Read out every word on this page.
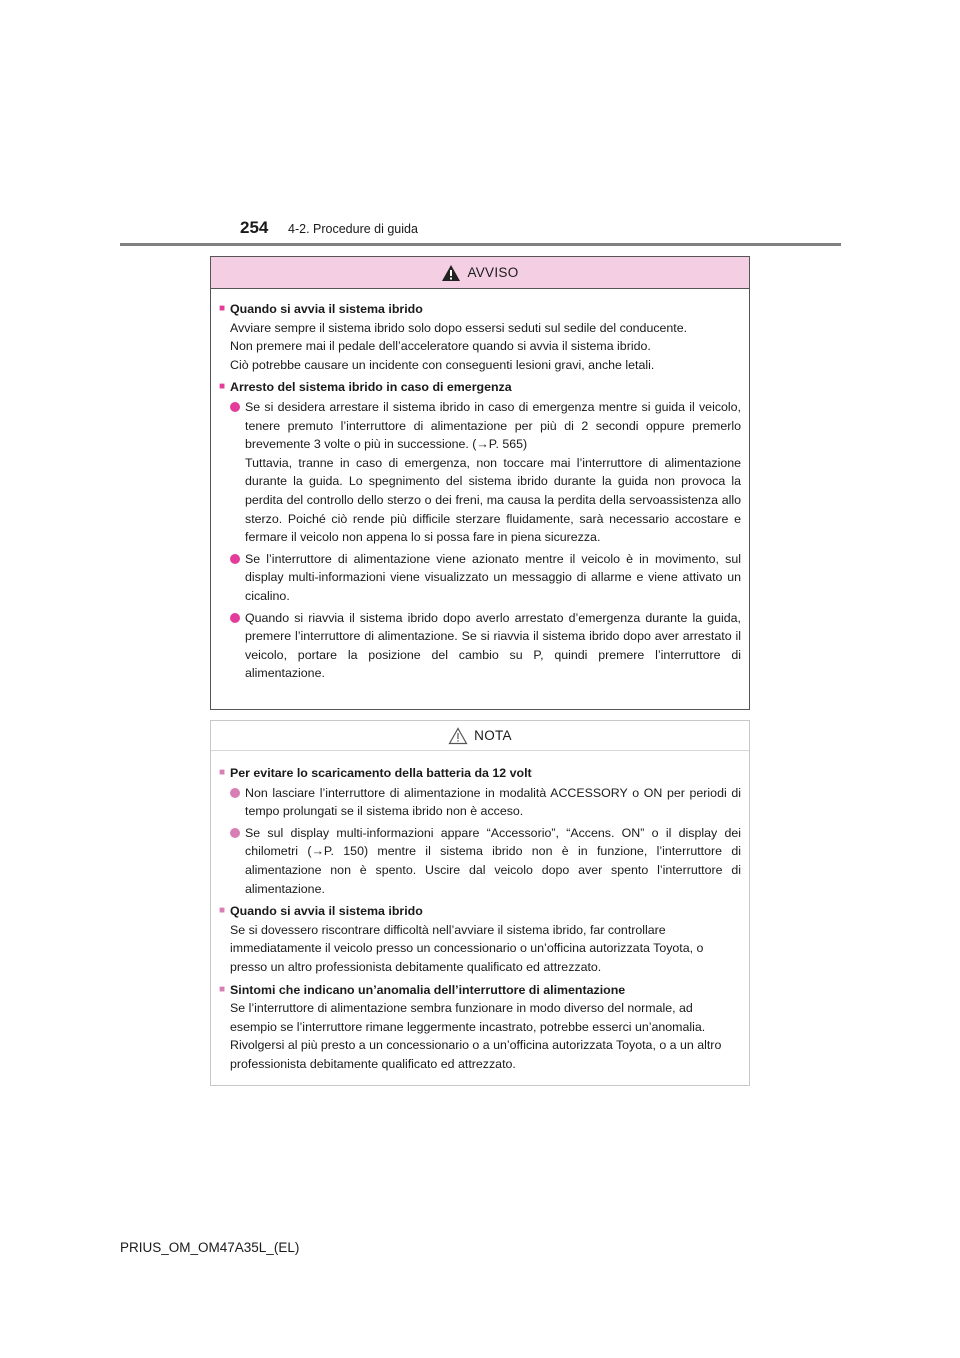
254 4-2. Procedure di guida
AVVISO
■ Quando si avvia il sistema ibrido
Avviare sempre il sistema ibrido solo dopo essersi seduti sul sedile del conducente.
Non premere mai il pedale dell’acceleratore quando si avvia il sistema ibrido.
Ciò potrebbe causare un incidente con conseguenti lesioni gravi, anche letali.
■ Arresto del sistema ibrido in caso di emergenza
Se si desidera arrestare il sistema ibrido in caso di emergenza mentre si guida il veicolo, tenere premuto l’interruttore di alimentazione per più di 2 secondi oppure premerlo brevemente 3 volte o più in successione. (→P. 565)
Tuttavia, tranne in caso di emergenza, non toccare mai l’interruttore di alimentazione durante la guida. Lo spegnimento del sistema ibrido durante la guida non provoca la perdita del controllo dello sterzo o dei freni, ma causa la perdita della servoassistenza allo sterzo. Poiché ciò rende più difficile sterzare fluidamente, sarà necessario accostare e fermare il veicolo non appena lo si possa fare in piena sicurezza.
Se l’interruttore di alimentazione viene azionato mentre il veicolo è in movimento, sul display multi-informazioni viene visualizzato un messaggio di allarme e viene attivato un cicalino.
Quando si riavvia il sistema ibrido dopo averlo arrestato d’emergenza durante la guida, premere l’interruttore di alimentazione. Se si riavvia il sistema ibrido dopo aver arrestato il veicolo, portare la posizione del cambio su P, quindi premere l’interruttore di alimentazione.
NOTA
■ Per evitare lo scaricamento della batteria da 12 volt
Non lasciare l’interruttore di alimentazione in modalità ACCESSORY o ON per periodi di tempo prolungati se il sistema ibrido non è acceso.
Se sul display multi-informazioni appare “Accessorio”, “Accens. ON” o il display dei chilometri (→P. 150) mentre il sistema ibrido non è in funzione, l’interruttore di alimentazione non è spento. Uscire dal veicolo dopo aver spento l’interruttore di alimentazione.
■ Quando si avvia il sistema ibrido
Se si dovessero riscontrare difficoltà nell’avviare il sistema ibrido, far controllare immediatamente il veicolo presso un concessionario o un’officina autorizzata Toyota, o presso un altro professionista debitamente qualificato ed attrezzato.
■ Sintomi che indicano un’anomalia dell’interruttore di alimentazione
Se l’interruttore di alimentazione sembra funzionare in modo diverso del normale, ad esempio se l’interruttore rimane leggermente incastrato, potrebbe esserci un’anomalia. Rivolgersi al più presto a un concessionario o a un’officina autorizzata Toyota, o a un altro professionista debitamente qualificato ed attrezzato.
PRIUS_OM_OM47A35L_(EL)
